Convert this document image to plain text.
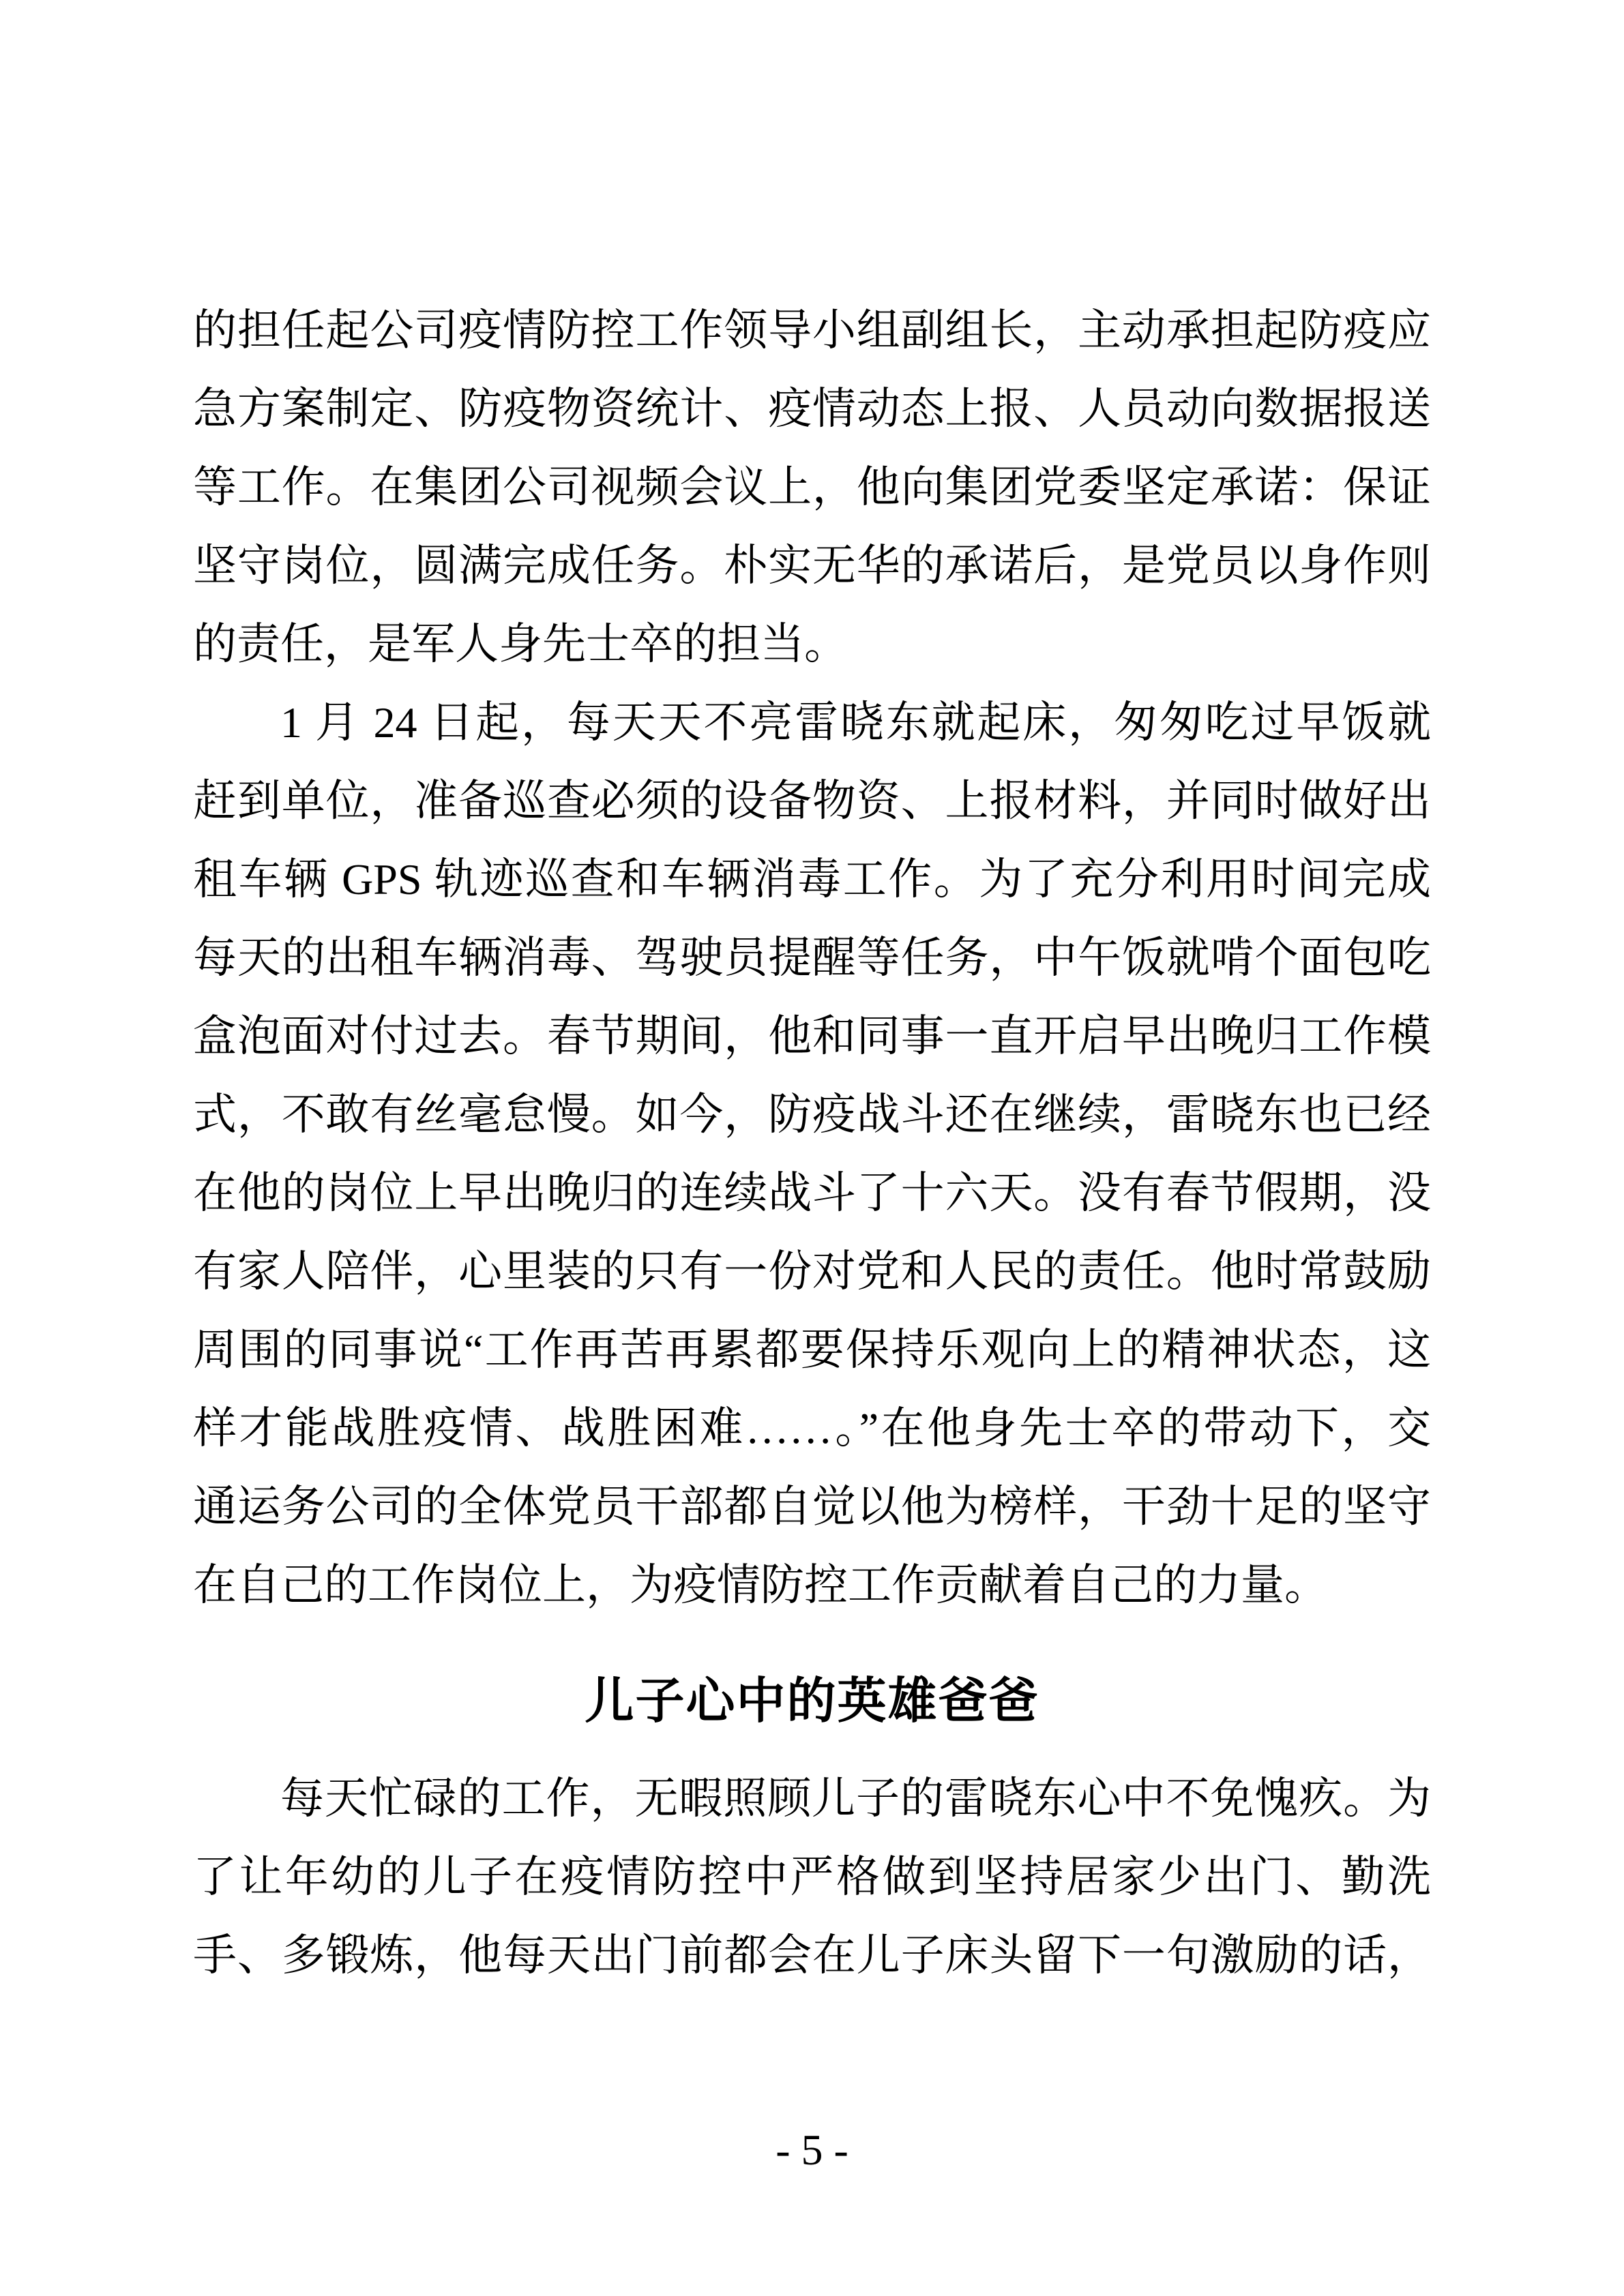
的担任起公司疫情防控工作领导小组副组长，主动承担起防疫应
急方案制定、防疫物资统计、疫情动态上报、人员动向数据报送
等工作。在集团公司视频会议上，他向集团党委坚定承诺：保证
坚守岗位，圆满完成任务。朴实无华的承诺后，是党员以身作则
的责任，是军人身先士卒的担当。
1 月 24 日起，每天天不亮雷晓东就起床，匆匆吃过早饭就
赶到单位，准备巡查必须的设备物资、上报材料，并同时做好出
租车辆 GPS 轨迹巡查和车辆消毒工作。为了充分利用时间完成
每天的出租车辆消毒、驾驶员提醒等任务，中午饭就啃个面包吃
盒泡面对付过去。春节期间，他和同事一直开启早出晚归工作模
式，不敢有丝毫怠慢。如今，防疫战斗还在继续，雷晓东也已经
在他的岗位上早出晚归的连续战斗了十六天。没有春节假期，没
有家人陪伴，心里装的只有一份对党和人民的责任。他时常鼓励
周围的同事说“工作再苦再累都要保持乐观向上的精神状态，这
样才能战胜疫情、战胜困难……。”在他身先士卒的带动下，交
通运务公司的全体党员干部都自觉以他为榜样，干劲十足的坚守
在自己的工作岗位上，为疫情防控工作贡献着自己的力量。
儿子心中的英雄爸爸
每天忙碌的工作，无暇照顾儿子的雷晓东心中不免愧疚。为
了让年幼的儿子在疫情防控中严格做到坚持居家少出门、勤洗
手、多锻炼，他每天出门前都会在儿子床头留下一句激励的话，
- 5 -
